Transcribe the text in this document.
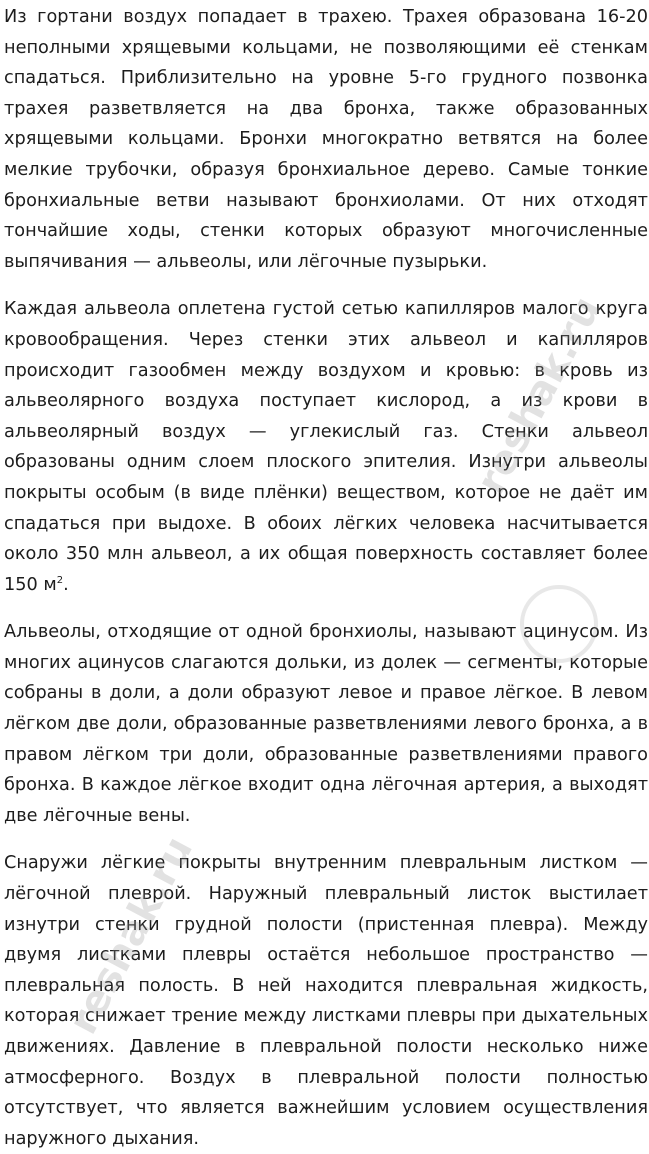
Из гортани воздух попадает в трахею. Трахея образована 16-20 неполными хрящевыми кольцами, не позволяющими её стенкам спадаться. Приблизительно на уровне 5-го грудного позвонка трахея разветвляется на два бронха, также образованных хрящевыми кольцами. Бронхи многократно ветвятся на более мелкие трубочки, образуя бронхиальное дерево. Самые тонкие бронхиальные ветви называют бронхиолами. От них отходят тончайшие ходы, стенки которых образуют многочисленные выпячивания — альвеолы, или лёгочные пузырьки.

Каждая альвеола оплетена густой сетью капилляров малого круга кровообращения. Через стенки этих альвеол и капилляров происходит газообмен между воздухом и кровью: в кровь из альвеолярного воздуха поступает кислород, а из крови в альвеолярный воздух — углекислый газ. Стенки альвеол образованы одним слоем плоского эпителия. Изнутри альвеолы покрыты особым (в виде плёнки) веществом, которое не даёт им спадаться при выдохе. В обоих лёгких человека насчитывается около 350 млн альвеол, а их общая поверхность составляет более 150 $м^2$.

Альвеолы, отходящие от одной бронхиолы, называют ацинусом. Из многих ацинусов слагаются дольки, из долек — сегменты, которые собраны в доли, а доли образуют левое и правое лёгкое. В левом лёгком две доли, образованные разветвлениями левого бронха, а в правом лёгком три доли, образованные разветвлениями правого бронха. В каждое лёгкое входит одна лёгочная артерия, а выходят две лёгочные вены.

Снаружи лёгкие покрыты внутренним плевральным листком — лёгочной плеврой. Наружный плевральный листок выстилает изнутри стенки грудной полости (пристенная плевра). Между двумя листками плевры остаётся небольшое пространство — плевральная полость. В ней находится плевральная жидкость, которая снижает трение между листками плевры при дыхательных движениях. Давление в плевральной полости несколько ниже атмосферного. Воздух в плевральной полости полностью отсутствует, что является важнейшим условием осуществления наружного дыхания.

reshak.ru
reshak.ru
